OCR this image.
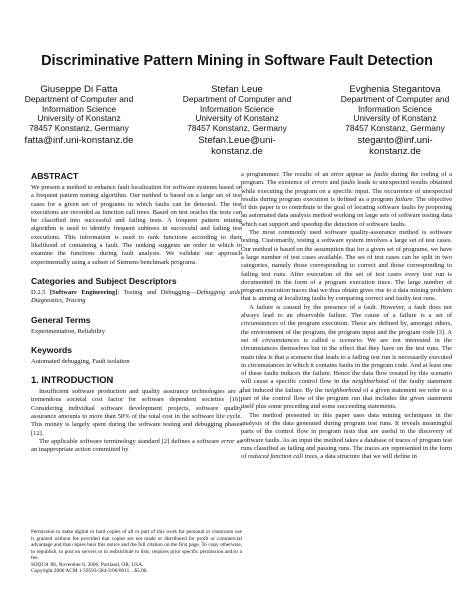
Discriminative Pattern Mining in Software Fault Detection
Giuseppe Di Fatta
Department of Computer and
Information Science
University of Konstanz
78457 Konstanz, Germany
fatta@inf.uni-konstanz.de
Stefan Leue
Department of Computer and
Information Science
University of Konstanz
78457 Konstanz, Germany
Stefan.Leue@uni-
konstanz.de
Evghenia Stegantova
Department of Computer and
Information Science
University of Konstanz
78457 Konstanz, Germany
steganto@inf.uni-
konstanz.de
ABSTRACT

We present a method to enhance fault localization for software systems based on a frequent pattern mining algorithm. Our method is based on a large set of test cases for a given set of programs in which faults can be detected. The test executions are recorded as function call trees. Based on test oracles the tests can be classified into successful and failing tests. A frequent pattern mining algorithm is used to identify frequent subtrees in successful and failing test executions. This information is used to rank functions according to their likelihood of containing a fault. The ranking suggests an order in which to examine the functions during fault analysis. We validate our approach experimentally using a subset of Siemens benchmark programs.

Categories and Subject Descriptors

D.2.5 [Software Engineering]: Testing and Debugging—Debugging aids, Diagnostics, Tracing

General Terms

Experimentation, Reliability

Keywords

Automated debugging, Fault isolation

1. INTRODUCTION

Insufficient software production and quality assurance technologies are a tremendous societal cost factor for software dependent societies [16]. Considering individual software development projects, software quality assurance amounts to more than 50% of the total cost in the software life cycle. This money is largely spent during the software testing and debugging phases [12].

The applicable software terminology standard [2] defines a software error as an inappropriate action committed by

Permission to make digital or hard copies of all or part of this work for personal or classroom use is granted without fee provided that copies are not made or distributed for profit or commercial advantage and that copies bear this notice and the full citation on the first page. To copy otherwise, to republish, to post on servers or to redistribute to lists, requires prior specific permission and/or a fee.

SOQUA '06, November 6, 2006, Portland, OR, USA.

Copyright 2006 ACM 1-59593-584-3/06/0011 ...$5.00.

a programmer. The results of an error appear as faults during the coding of a program. The existence of errors and faults leads to unexpected results obtained while executing the program on a specific input. The occurrence of unexpected results during program execution is defined as a program failure. The objective of this paper is to contribute to the goal of locating software faults by proposing an automated data analysis method working on large sets of software testing data which can support and speedup the detection of software faults.

The most commonly used software quality-assurance method is software testing. Customarily, testing a software system involves a large set of test cases. Our method is based on the assumption that for a given set of programs, we have a large number of test cases available. The set of test cases can be split in two categories, namely those corresponding to correct and those corresponding to failing test runs. After execution of the set of test cases every test run is documented in the form of a program execution trace. The large number of program execution traces that we thus obtain gives rise to a data mining problem that is aiming at localizing faults by comparing correct and faulty test runs.

A failure is caused by the presence of a fault. However, a fault does not always lead to an observable failure. The cause of a failure is a set of circumstances of the program execution. These are defined by, amongst others, the environment of the program, the program input and the program code [3]. A set of circumstances is called a scenario. We are not interested in the circumstances themselves but in the effect that they have on the test runs. The main idea is that a scenario that leads to a failing test run is necessarily executed in circumstances in which it contains faults in the program code. And at least one of these faults induces the failure. Hence the data flow created by this scenario will cause a specific control flow in the neighborhood of the faulty statement that induced the failure. By the neighborhood of a given statement we refer to a part of the control flow of the program run that includes the given statement itself plus some preceding and some succeeding statements.

The method presented in this paper uses data mining techniques in the analysis of the data generated during program test runs. It reveals meaningful parts of the control flow in program tests that are useful in the discovery of software faults. As an input the method takes a database of traces of program test runs classified as failing and passing runs. The traces are represented in the form of reduced function call trees, a data structure that we will define in
